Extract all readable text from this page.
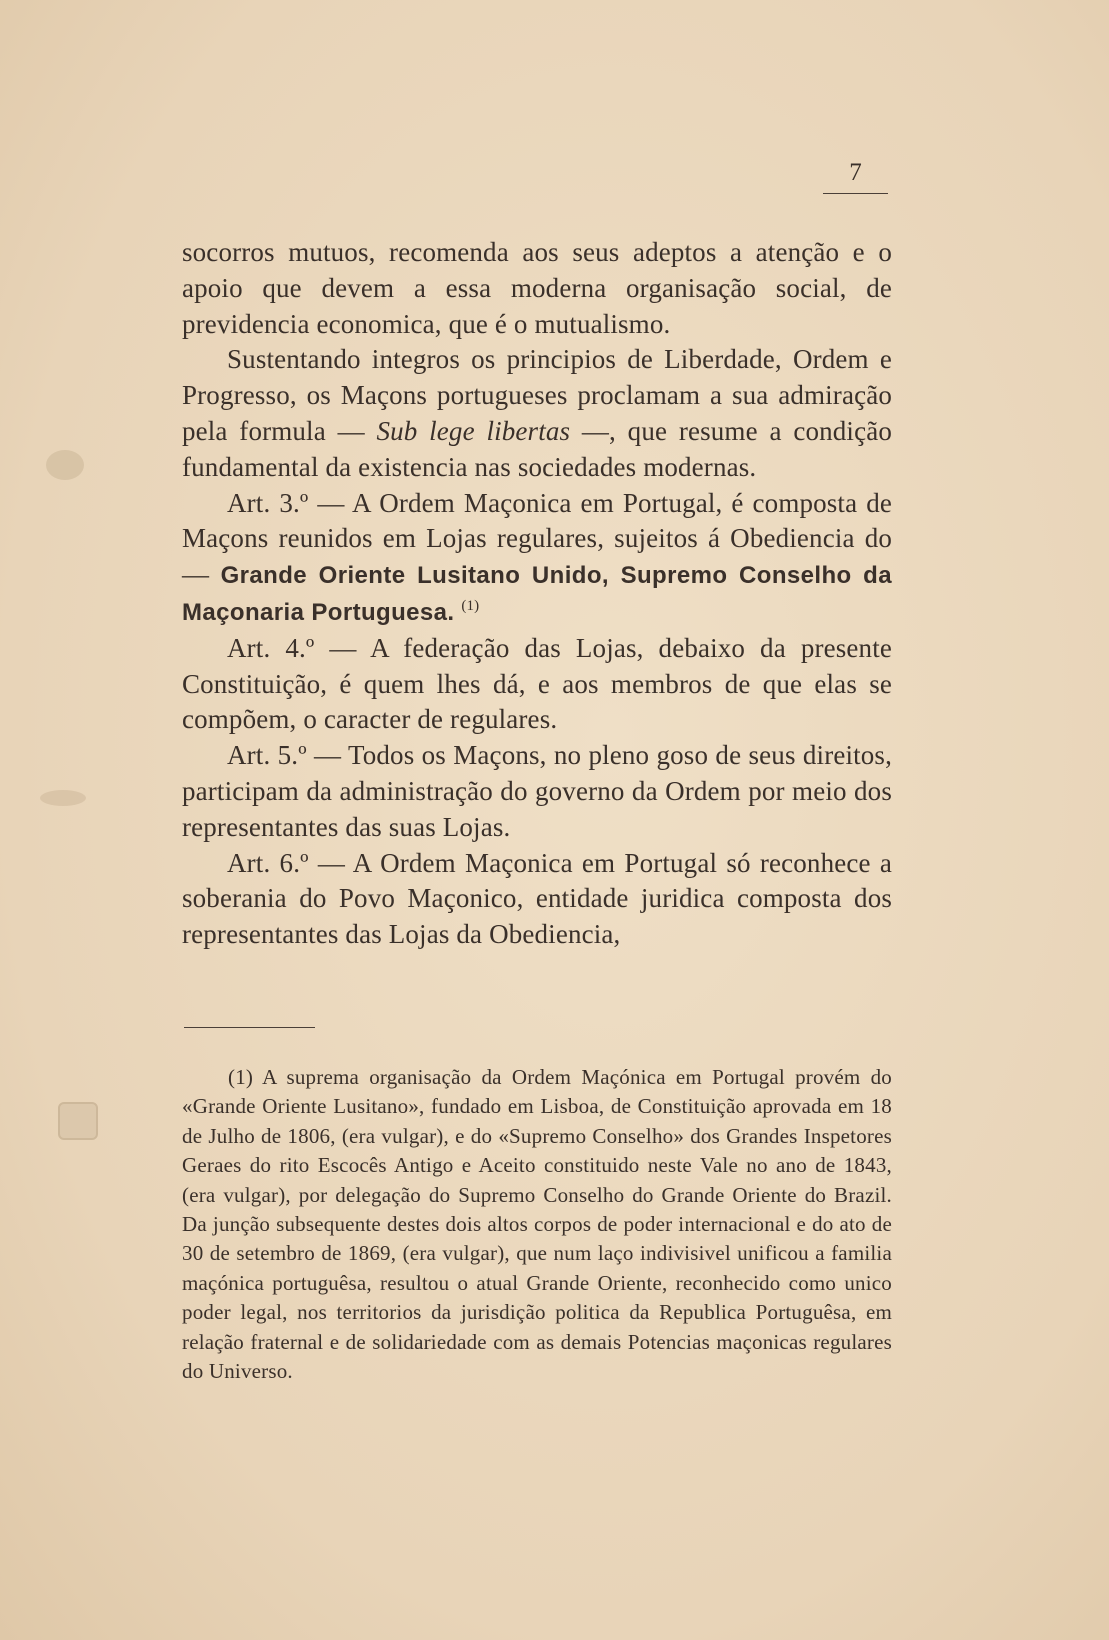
7

socorros mutuos, recomenda aos seus adeptos a atenção e o apoio que devem a essa moderna organisação social, de previdencia economica, que é o mutualismo.

Sustentando integros os principios de Liberdade, Ordem e Progresso, os Maçons portugueses proclamam a sua admiração pela formula — Sub lege libertas —, que resume a condição fundamental da existencia nas sociedades modernas.

Art. 3.º — A Ordem Maçonica em Portugal, é composta de Maçons reunidos em Lojas regulares, sujeitos á Obediencia do — Grande Oriente Lusitano Unido, Supremo Conselho da Maçonaria Portuguesa. $^{(1)}$

Art. 4.º — A federação das Lojas, debaixo da presente Constituição, é quem lhes dá, e aos membros de que elas se compõem, o caracter de regulares.

Art. 5.º — Todos os Maçons, no pleno goso de seus direitos, participam da administração do governo da Ordem por meio dos representantes das suas Lojas.

Art. 6.º — A Ordem Maçonica em Portugal só reconhece a soberania do Povo Maçonico, entidade juridica composta dos representantes das Lojas da Obediencia,

(1) A suprema organisação da Ordem Maçónica em Portugal provém do «Grande Oriente Lusitano», fundado em Lisboa, de Constituição aprovada em 18 de Julho de 1806, (era vulgar), e do «Supremo Conselho» dos Grandes Inspetores Geraes do rito Escocês Antigo e Aceito constituido neste Vale no ano de 1843, (era vulgar), por delegação do Supremo Conselho do Grande Oriente do Brazil. Da junção subsequente destes dois altos corpos de poder internacional e do ato de 30 de setembro de 1869, (era vulgar), que num laço indivisivel unificou a familia maçónica portuguêsa, resultou o atual Grande Oriente, reconhecido como unico poder legal, nos territorios da jurisdição politica da Republica Portuguêsa, em relação fraternal e de solidariedade com as demais Potencias maçonicas regulares do Universo.
